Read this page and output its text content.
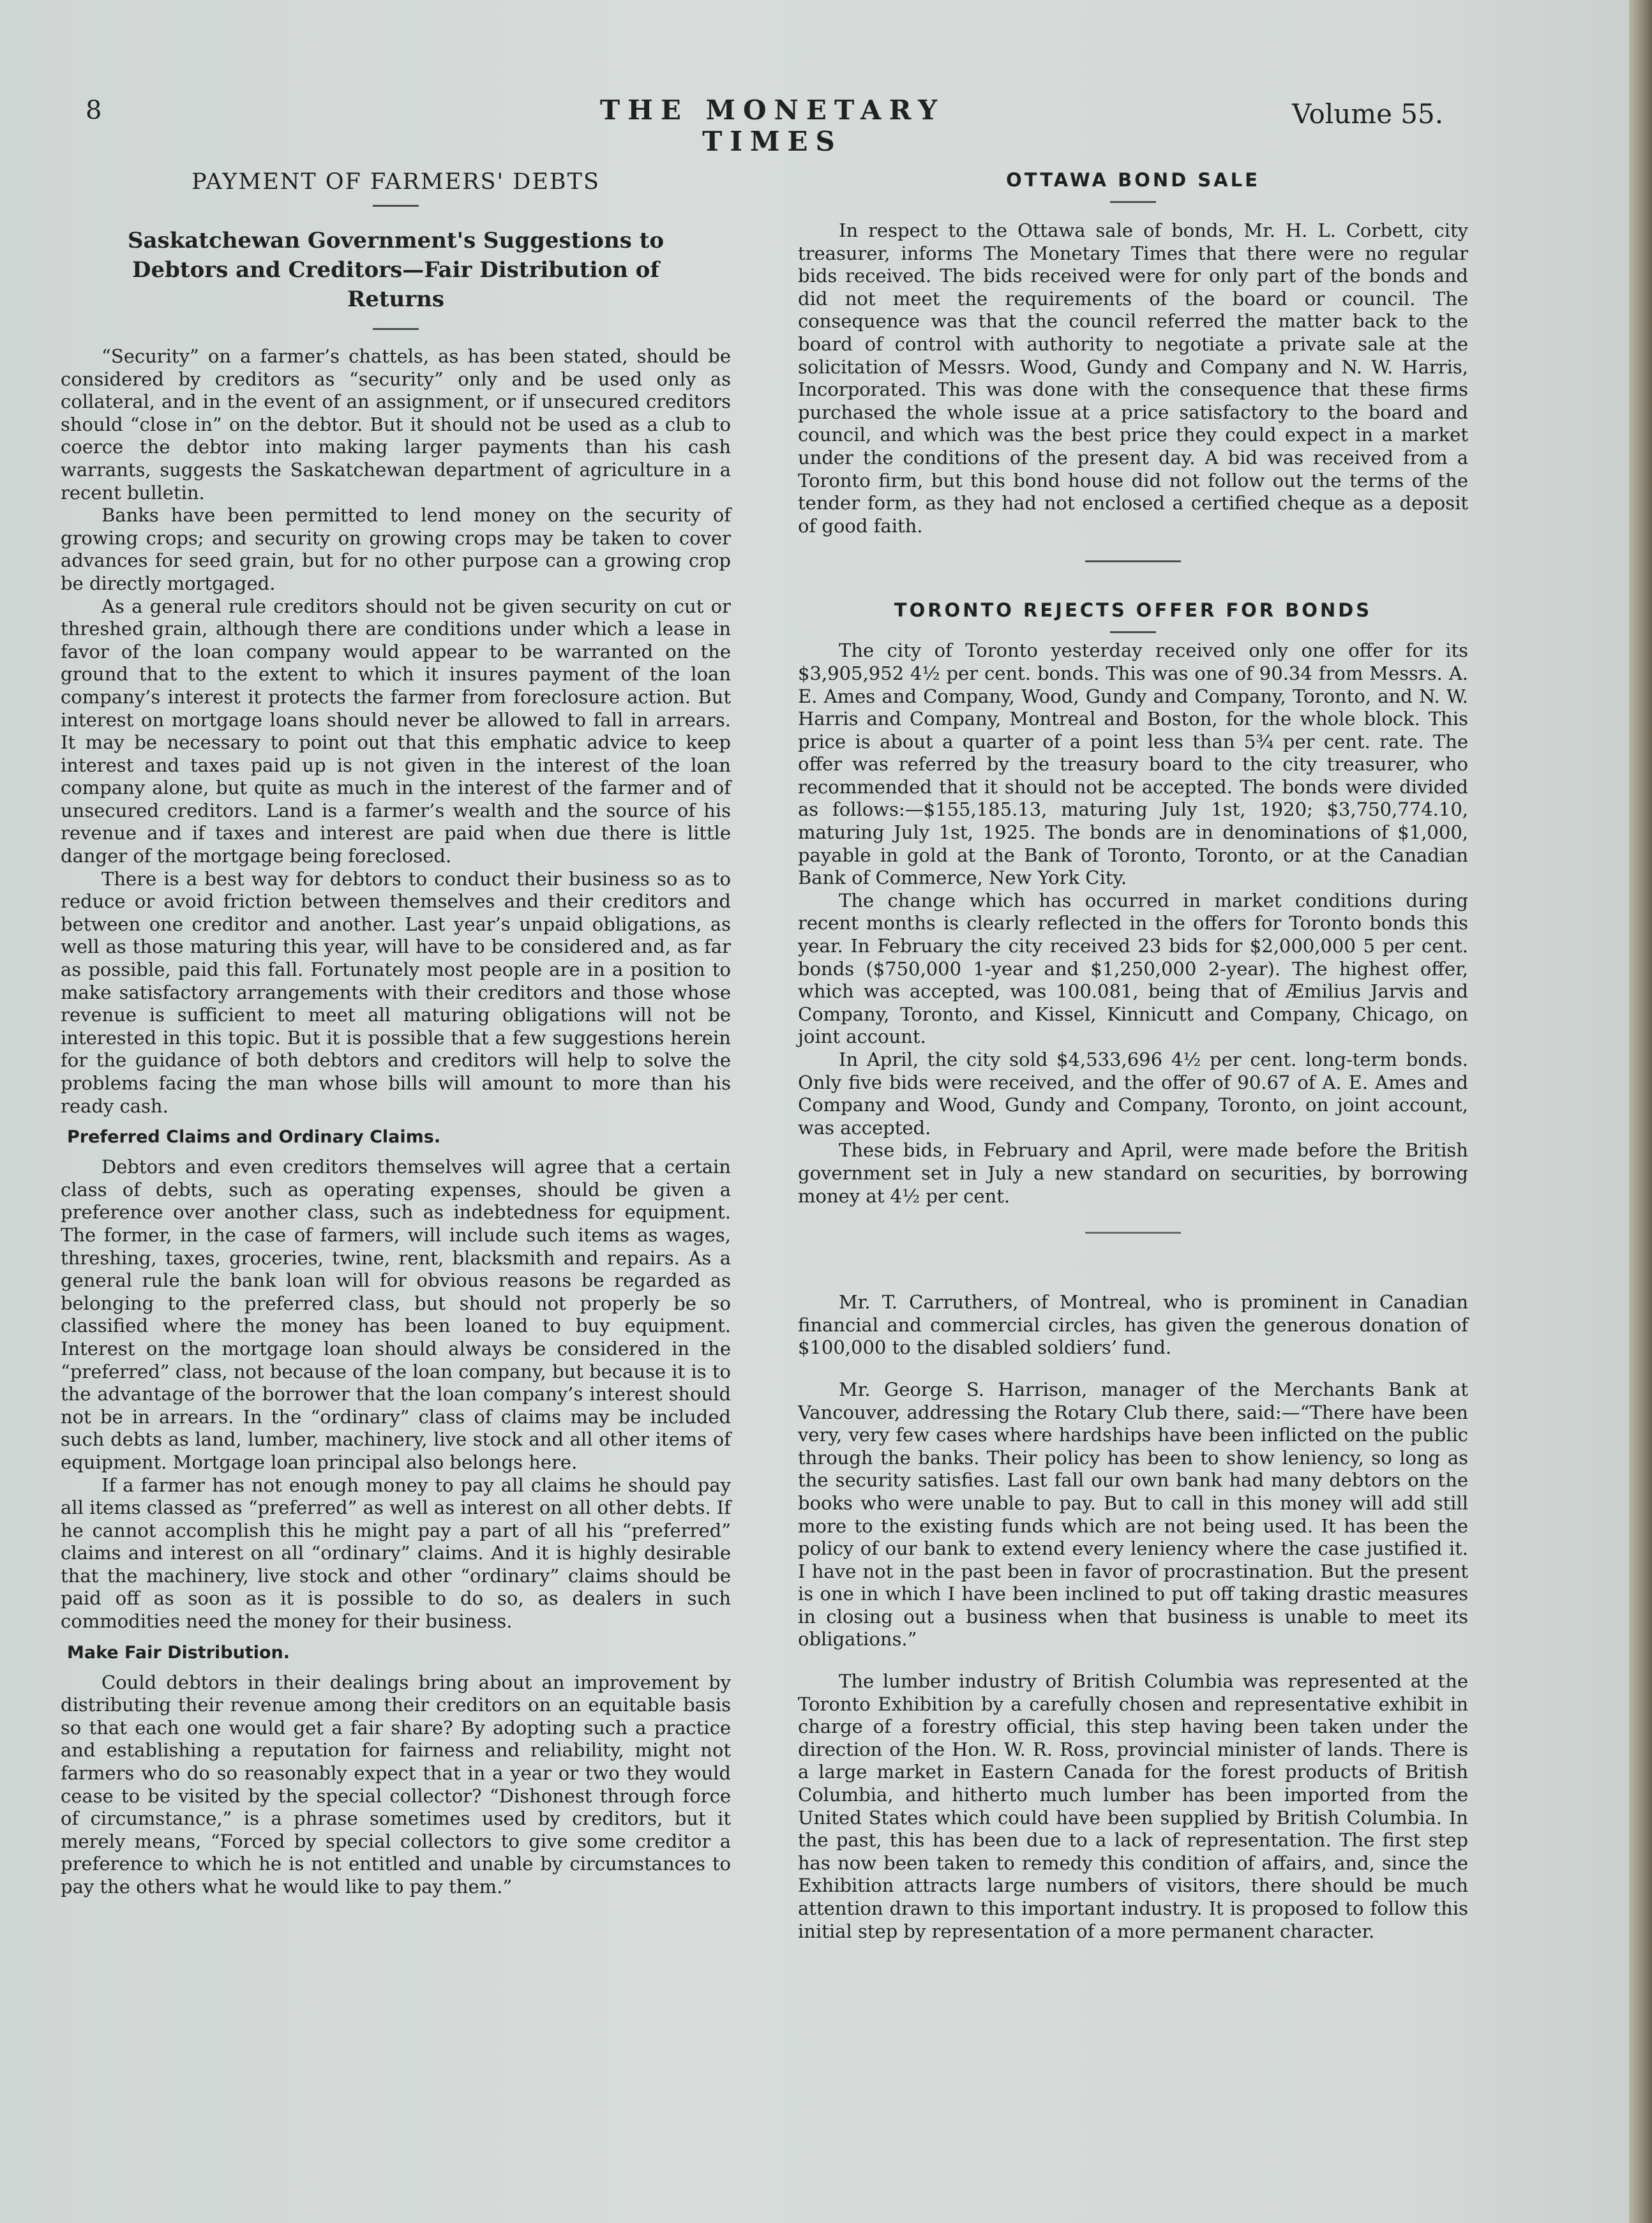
8	THE MONETARY TIMES
Volume 55.
PAYMENT OF FARMERS' DEBTS
Saskatchewan Government's Suggestions to Debtors and Creditors—Fair Distribution of Returns

“Security” on a farmer’s chattels, as has been stated, should be considered by creditors as “security” only and be used only as collateral, and in the event of an assignment, or if unsecured creditors should “close in” on the debtor. But it should not be used as a club to coerce the debtor into making larger payments than his cash warrants, suggests the Saskatchewan department of agriculture in a recent bulletin.

Banks have been permitted to lend money on the security of growing crops; and security on growing crops may be taken to cover advances for seed grain, but for no other purpose can a growing crop be directly mortgaged.

As a general rule creditors should not be given security on cut or threshed grain, although there are conditions under which a lease in favor of the loan company would appear to be warranted on the ground that to the extent to which it insures payment of the loan company’s interest it protects the farmer from foreclosure action. But interest on mortgage loans should never be allowed to fall in arrears. It may be necessary to point out that this emphatic advice to keep interest and taxes paid up is not given in the interest of the loan company alone, but quite as much in the interest of the farmer and of unsecured creditors. Land is a farmer’s wealth and the source of his revenue and if taxes and interest are paid when due there is little danger of the mortgage being foreclosed.

There is a best way for debtors to conduct their business so as to reduce or avoid friction between themselves and their creditors and between one creditor and another. Last year’s unpaid obligations, as well as those maturing this year, will have to be considered and, as far as possible, paid this fall. Fortunately most people are in a position to make satisfactory arrangements with their creditors and those whose revenue is sufficient to meet all maturing obligations will not be interested in this topic. But it is possible that a few suggestions herein for the guidance of both debtors and creditors will help to solve the problems facing the man whose bills will amount to more than his ready cash.

Preferred Claims and Ordinary Claims.

Debtors and even creditors themselves will agree that a certain class of debts, such as operating expenses, should be given a preference over another class, such as indebtedness for equipment. The former, in the case of farmers, will include such items as wages, threshing, taxes, groceries, twine, rent, blacksmith and repairs. As a general rule the bank loan will for obvious reasons be regarded as belonging to the preferred class, but should not properly be so classified where the money has been loaned to buy equipment. Interest on the mortgage loan should always be considered in the “preferred” class, not because of the loan company, but because it is to the advantage of the borrower that the loan company’s interest should not be in arrears. In the “ordinary” class of claims may be included such debts as land, lumber, machinery, live stock and all other items of equipment. Mortgage loan principal also belongs here.

If a farmer has not enough money to pay all claims he should pay all items classed as “preferred” as well as interest on all other debts. If he cannot accomplish this he might pay a part of all his “preferred” claims and interest on all “ordinary” claims. And it is highly desirable that the machinery, live stock and other “ordinary” claims should be paid off as soon as it is possible to do so, as dealers in such commodities need the money for their business.

Make Fair Distribution.

Could debtors in their dealings bring about an improvement by distributing their revenue among their creditors on an equitable basis so that each one would get a fair share? By adopting such a practice and establishing a reputation for fairness and reliability, might not farmers who do so reasonably expect that in a year or two they would cease to be visited by the special collector? “Dishonest through force of circumstance,” is a phrase sometimes used by creditors, but it merely means, “Forced by special collectors to give some creditor a preference to which he is not entitled and unable by circumstances to pay the others what he would like to pay them.”

OTTAWA BOND SALE

In respect to the Ottawa sale of bonds, Mr. H. L. Corbett, city treasurer, informs The Monetary Times that there were no regular bids received. The bids received were for only part of the bonds and did not meet the requirements of the board or council. The consequence was that the council referred the matter back to the board of control with authority to negotiate a private sale at the solicitation of Messrs. Wood, Gundy and Company and N. W. Harris, Incorporated. This was done with the consequence that these firms purchased the whole issue at a price satisfactory to the board and council, and which was the best price they could expect in a market under the conditions of the present day. A bid was received from a Toronto firm, but this bond house did not follow out the terms of the tender form, as they had not enclosed a certified cheque as a deposit of good faith.

TORONTO REJECTS OFFER FOR BONDS

The city of Toronto yesterday received only one offer for its $3,905,952 4½ per cent. bonds. This was one of 90.34 from Messrs. A. E. Ames and Company, Wood, Gundy and Company, Toronto, and N. W. Harris and Company, Montreal and Boston, for the whole block. This price is about a quarter of a point less than 5¾ per cent. rate. The offer was referred by the treasury board to the city treasurer, who recommended that it should not be accepted. The bonds were divided as follows:—$155,185.13, maturing July 1st, 1920; $3,750,774.10, maturing July 1st, 1925. The bonds are in denominations of $1,000, payable in gold at the Bank of Toronto, Toronto, or at the Canadian Bank of Commerce, New York City.

The change which has occurred in market conditions during recent months is clearly reflected in the offers for Toronto bonds this year. In February the city received 23 bids for $2,000,000 5 per cent. bonds ($750,000 1-year and $1,250,000 2-year). The highest offer, which was accepted, was 100.081, being that of Æmilius Jarvis and Company, Toronto, and Kissel, Kinnicutt and Company, Chicago, on joint account.

In April, the city sold $4,533,696 4½ per cent. long-term bonds. Only five bids were received, and the offer of 90.67 of A. E. Ames and Company and Wood, Gundy and Company, Toronto, on joint account, was accepted.

These bids, in February and April, were made before the British government set in July a new standard on securities, by borrowing money at 4½ per cent.

Mr. T. Carruthers, of Montreal, who is prominent in Canadian financial and commercial circles, has given the generous donation of $100,000 to the disabled soldiers’ fund.

Mr. George S. Harrison, manager of the Merchants Bank at Vancouver, addressing the Rotary Club there, said:—“There have been very, very few cases where hardships have been inflicted on the public through the banks. Their policy has been to show leniency, so long as the security satisfies. Last fall our own bank had many debtors on the books who were unable to pay. But to call in this money will add still more to the existing funds which are not being used. It has been the policy of our bank to extend every leniency where the case justified it. I have not in the past been in favor of procrastination. But the present is one in which I have been inclined to put off taking drastic measures in closing out a business when that business is unable to meet its obligations.”

The lumber industry of British Columbia was represented at the Toronto Exhibition by a carefully chosen and representative exhibit in charge of a forestry official, this step having been taken under the direction of the Hon. W. R. Ross, provincial minister of lands. There is a large market in Eastern Canada for the forest products of British Columbia, and hitherto much lumber has been imported from the United States which could have been supplied by British Columbia. In the past, this has been due to a lack of representation. The first step has now been taken to remedy this condition of affairs, and, since the Exhibition attracts large numbers of visitors, there should be much attention drawn to this important industry. It is proposed to follow this initial step by representation of a more permanent character.
